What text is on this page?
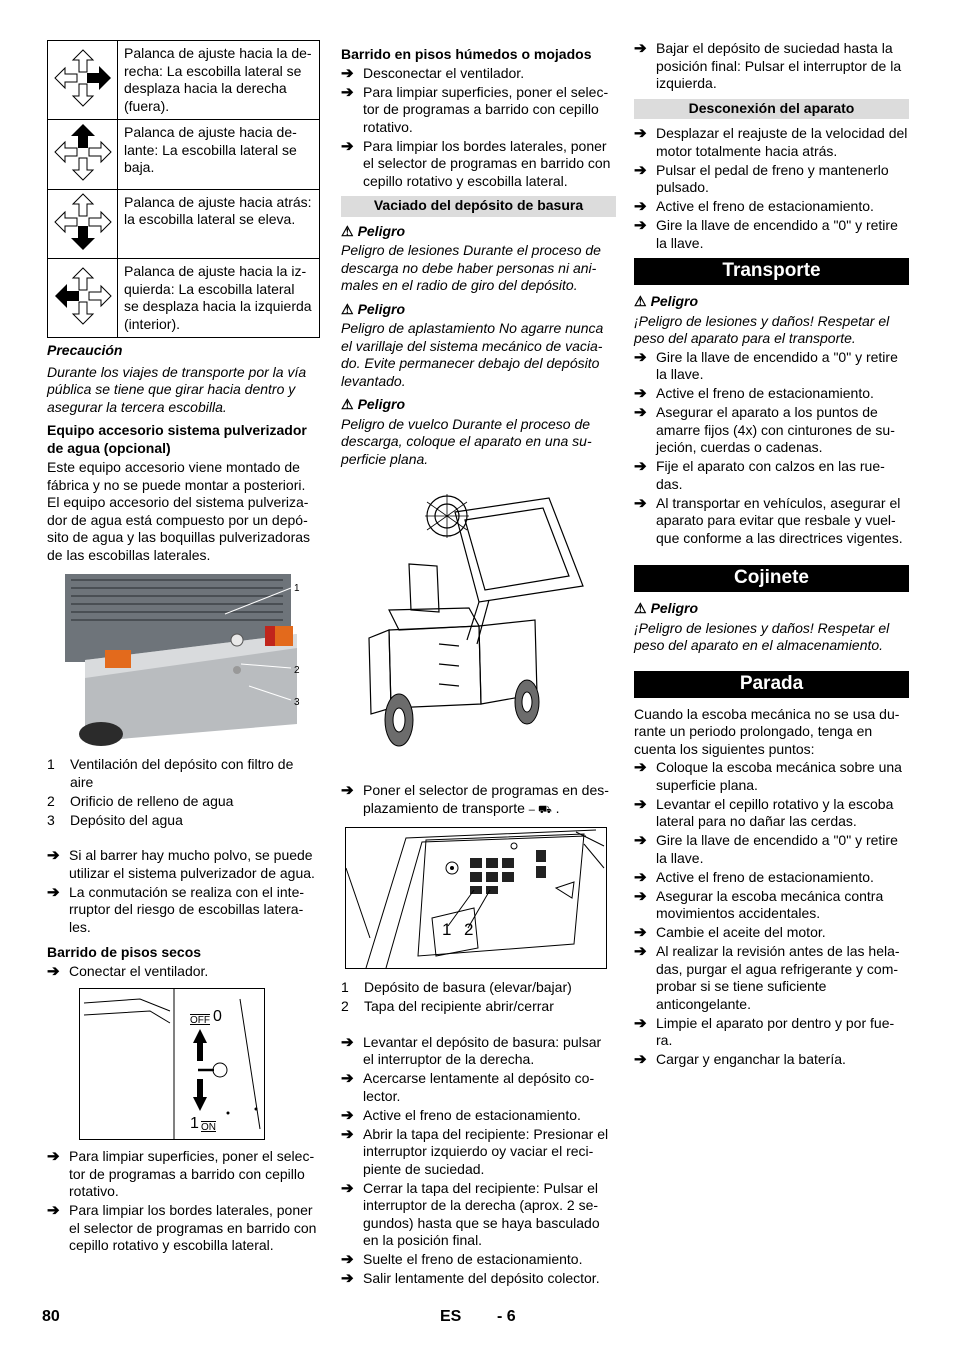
	Palanca de ajuste hacia la de-recha: La escobilla lateral se desplaza hacia la derecha (fuera).
	Palanca de ajuste hacia de-lante: La escobilla lateral se baja.
	Palanca de ajuste hacia atrás: la escobilla lateral se eleva.
	Palanca de ajuste hacia la iz-quierda: La escobilla lateral se desplaza hacia la izquierda (interior).

Precaución

Durante los viajes de transporte por la vía pública se tiene que girar hacia dentro y asegurar la tercera escobilla.

Equipo accesorio sistema pulverizador de agua (opcional)

Este equipo accesorio viene montado de fábrica y no se puede montar a posteriori. El equipo accesorio del sistema pulveriza-dor de agua está compuesto por un depó-sito de agua y las boquillas pulverizadoras de las escobillas laterales.

1
2
3
1 Ventilación del depósito con filtro de aire
2 Orificio de relleno de agua
3 Depósito del agua
➔ Si al barrer hay mucho polvo, se puede utilizar el sistema pulverizador de agua.
➔ La conmutación se realiza con el inte-rruptor del riesgo de escobillas latera-les.

Barrido de pisos secos

➔ Conectar el ventilador.
OFF 0
1 ON
➔ Para limpiar superficies, poner el selec-tor de programas a barrido con cepillo rotativo.
➔ Para limpiar los bordes laterales, poner el selector de programas en barrido con cepillo rotativo y escobilla lateral.

Barrido en pisos húmedos o mojados

➔ Desconectar el ventilador.
➔ Para limpiar superficies, poner el selec-tor de programas a barrido con cepillo rotativo.
➔ Para limpiar los bordes laterales, poner el selector de programas en barrido con cepillo rotativo y escobilla lateral.
Vaciado del depósito de basura

⚠ Peligro

Peligro de lesiones Durante el proceso de descarga no debe haber personas ni ani-males en el radio de giro del depósito.

⚠ Peligro

Peligro de aplastamiento No agarre nunca el varillaje del sistema mecánico de vacia-do. Evite permanecer debajo del depósito levantado.

⚠ Peligro

Peligro de vuelco Durante el proceso de descarga, coloque el aparato en una su-perficie plana.

➔ Poner el selector de programas en des-plazamiento de transporte – ⛟ .
1 2
1 Depósito de basura (elevar/bajar)
2 Tapa del recipiente abrir/cerrar
➔ Levantar el depósito de basura: pulsar el interruptor de la derecha.
➔ Acercarse lentamente al depósito co-lector.
➔ Active el freno de estacionamiento.
➔ Abrir la tapa del recipiente: Presionar el interruptor izquierdo oy vaciar el reci-piente de suciedad.
➔ Cerrar la tapa del recipiente: Pulsar el interruptor de la derecha (aprox. 2 se-gundos) hasta que se haya basculado en la posición final.
➔ Suelte el freno de estacionamiento.
➔ Salir lentamente del depósito colector.
➔ Bajar el depósito de suciedad hasta la posición final: Pulsar el interruptor de la izquierda.
Desconexión del aparato
➔ Desplazar el reajuste de la velocidad del motor totalmente hacia atrás.
➔ Pulsar el pedal de freno y mantenerlo pulsado.
➔ Active el freno de estacionamiento.
➔ Gire la llave de encendido a "0" y retire la llave.
Transporte

⚠ Peligro

¡Peligro de lesiones y daños! Respetar el peso del aparato para el transporte.

➔ Gire la llave de encendido a "0" y retire la llave.
➔ Active el freno de estacionamiento.
➔ Asegurar el aparato a los puntos de amarre fijos (4x) con cinturones de su-jeción, cuerdas o cadenas.
➔ Fije el aparato con calzos en las rue-das.
➔ Al transportar en vehículos, asegurar el aparato para evitar que resbale y vuel-que conforme a las directrices vigentes.
Cojinete

⚠ Peligro

¡Peligro de lesiones y daños! Respetar el peso del aparato en el almacenamiento.

Parada

Cuando la escoba mecánica no se usa du-rante un periodo prolongado, tenga en cuenta los siguientes puntos:

➔ Coloque la escoba mecánica sobre una superficie plana.
➔ Levantar el cepillo rotativo y la escoba lateral para no dañar las cerdas.
➔ Gire la llave de encendido a "0" y retire la llave.
➔ Active el freno de estacionamiento.
➔ Asegurar la escoba mecánica contra movimientos accidentales.
➔ Cambie el aceite del motor.
➔ Al realizar la revisión antes de las hela-das, purgar el agua refrigerante y com-probar si se tiene suficiente anticongelante.
➔ Limpie el aparato por dentro y por fue-ra.
➔ Cargar y enganchar la batería.
80	ES - 6
